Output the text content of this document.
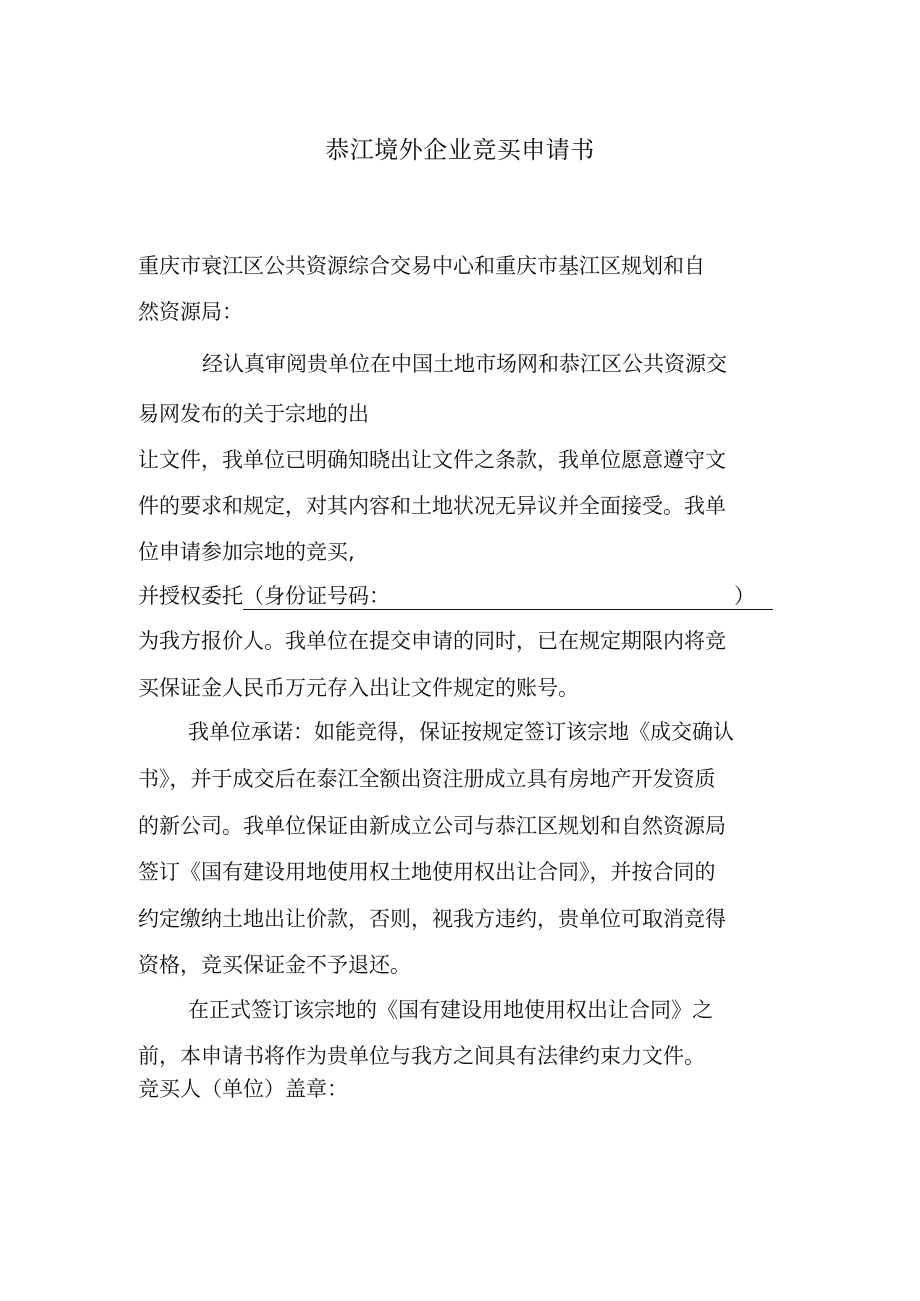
恭江境外企业竞买申请书
重庆市衰江区公共资源综合交易中心和重庆市基江区规划和自
然资源局：
经认真审阅贵单位在中国土地市场网和恭江区公共资源交
易网发布的关于宗地的出
让文件，我单位已明确知晓出让文件之条款，我单位愿意遵守文
件的要求和规定，对其内容和土地状况无异议并全面接受。我单
位申请参加宗地的竞买,
并授权委托（身份证号码：	）
为我方报价人。我单位在提交申请的同时，已在规定期限内将竞
买保证金人民币万元存入出让文件规定的账号。
我单位承诺：如能竞得，保证按规定签订该宗地《成交确认
书》，并于成交后在泰江全额出资注册成立具有房地产开发资质
的新公司。我单位保证由新成立公司与恭江区规划和自然资源局
签订《国有建设用地使用权土地使用权出让合同》，并按合同的
约定缴纳土地出让价款，否则，视我方违约，贵单位可取消竞得
资格，竞买保证金不予退还。
在正式签订该宗地的《国有建设用地使用权出让合同》之
前，本申请书将作为贵单位与我方之间具有法律约束力文件。
竞买人（单位）盖章：
